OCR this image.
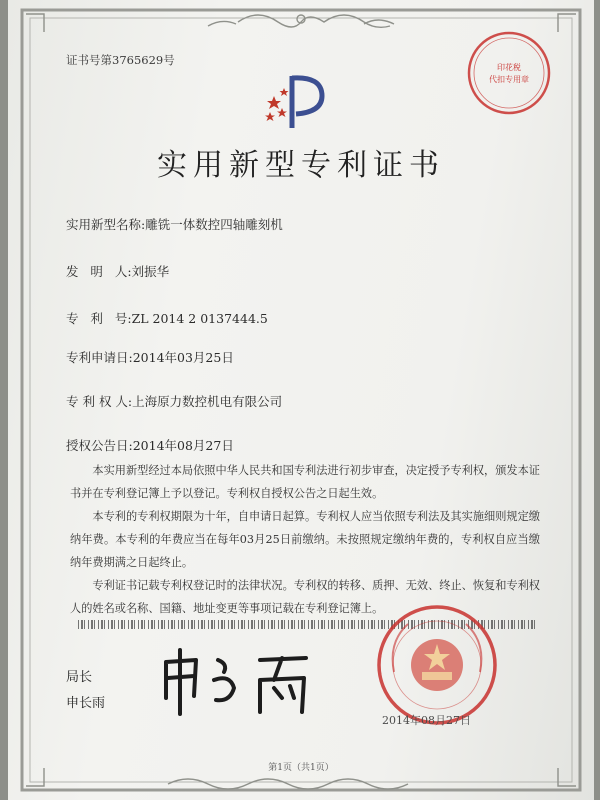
证书号第3765629号
实用新型专利证书
实用新型名称:雕铣一体数控四轴雕刻机
发   明   人:刘振华
专   利   号:ZL 2014 2 0137444.5
专利申请日:2014年03月25日
专 利 权 人:上海原力数控机电有限公司
授权公告日:2014年08月27日
本实用新型经过本局依照中华人民共和国专利法进行初步审查，决定授予专利权，颁发本证书并在专利登记簿上予以登记。专利权自授权公告之日起生效。
本专利的专利权期限为十年，自申请日起算。专利权人应当依照专利法及其实施细则规定缴纳年费。本专利的年费应当在每年03月25日前缴纳。未按照规定缴纳年费的，专利权自应当缴纳年费期满之日起终止。
专利证书记载专利权登记时的法律状况。专利权的转移、质押、无效、终止、恢复和专利权人的姓名或名称、国籍、地址变更等事项记载在专利登记簿上。
局长
申长雨
印花税
代扣专用章
2014年08月27日
第1页（共1页）
